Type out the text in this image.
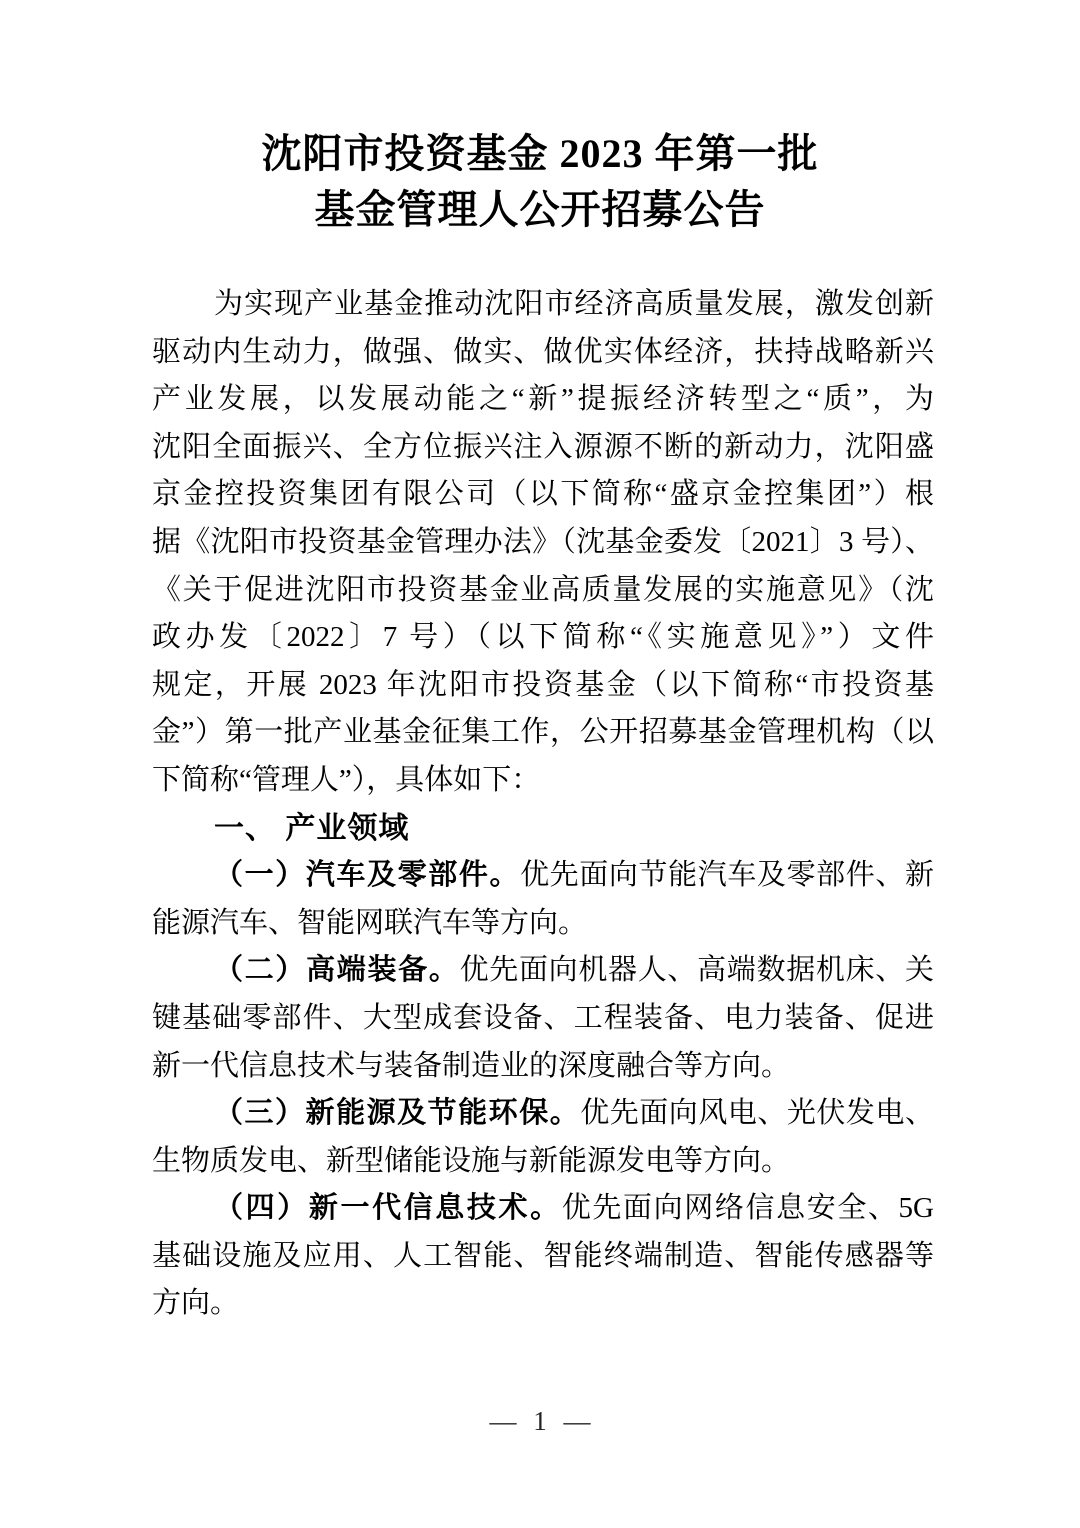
沈阳市投资基金 2023 年第一批
基金管理人公开招募公告
为实现产业基金推动沈阳市经济高质量发展，激发创新
驱动内生动力，做强、做实、做优实体经济，扶持战略新兴
产业发展，以发展动能之“新”提振经济转型之“质”，为
沈阳全面振兴、全方位振兴注入源源不断的新动力，沈阳盛
京金控投资集团有限公司（以下简称“盛京金控集团”）根
据《沈阳市投资基金管理办法》（沈基金委发〔2021〕3 号）、
《关于促进沈阳市投资基金业高质量发展的实施意见》（沈
政办发〔2022〕7 号）（以下简称“《实施意见》”）文件
规定，开展 2023 年沈阳市投资基金（以下简称“市投资基
金”）第一批产业基金征集工作，公开招募基金管理机构（以
下简称“管理人”），具体如下：
一、 产业领域
（一）汽车及零部件。优先面向节能汽车及零部件、新
能源汽车、智能网联汽车等方向。
（二）高端装备。优先面向机器人、高端数据机床、关
键基础零部件、大型成套设备、工程装备、电力装备、促进
新一代信息技术与装备制造业的深度融合等方向。
（三）新能源及节能环保。优先面向风电、光伏发电、
生物质发电、新型储能设施与新能源发电等方向。
（四）新一代信息技术。优先面向网络信息安全、5G
基础设施及应用、人工智能、智能终端制造、智能传感器等
方向。
— 1 —
